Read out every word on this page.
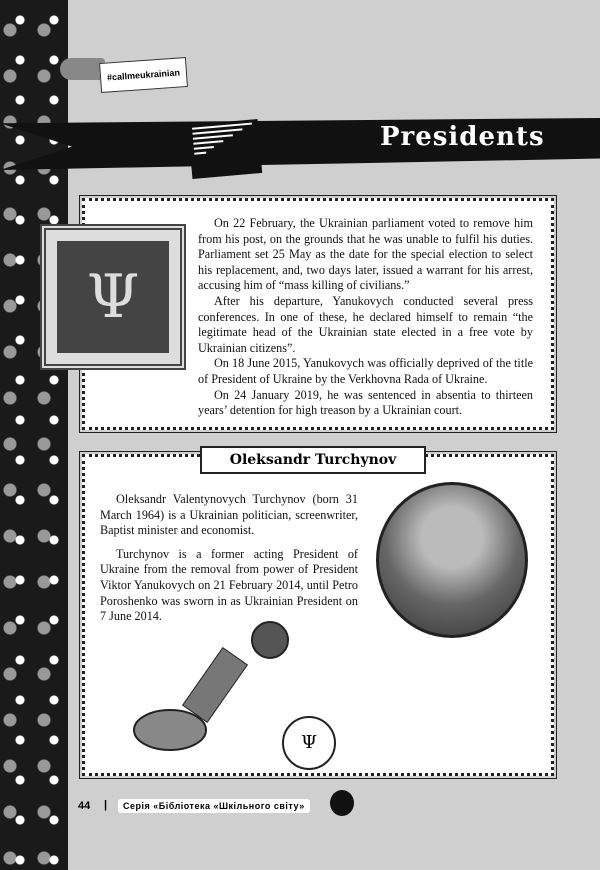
#callmeukrainian
Presidents
Ψ

On 22 February, the Ukrainian parliament voted to remove him from his post, on the grounds that he was unable to fulfil his duties. Parliament set 25 May as the date for the special election to select his replacement, and, two days later, issued a warrant for his arrest, accusing him of “mass killing of civilians.”

After his departure, Yanukovych conducted several press conferences. In one of these, he declared himself to remain “the legitimate head of the Ukrainian state elected in a free vote by Ukrainian citizens”.

On 18 June 2015, Yanukovych was officially deprived of the title of President of Ukraine by the Verkhovna Rada of Ukraine.

On 24 January 2019, he was sentenced in absentia to thirteen years’ detention for high treason by a Ukrainian court.

Oleksandr Turchynov

Oleksandr Valentynovych Turchynov (born 31 March 1964) is a Ukrainian politician, screenwriter, Baptist minister and economist.

Turchynov is a former acting President of Ukraine from the removal from power of President Viktor Yanukovych on 21 February 2014, until Petro Poroshenko was sworn in as Ukrainian President on 7 June 2014.

Ψ
44 |	Серія «Бібліотека «Шкільного світу»
